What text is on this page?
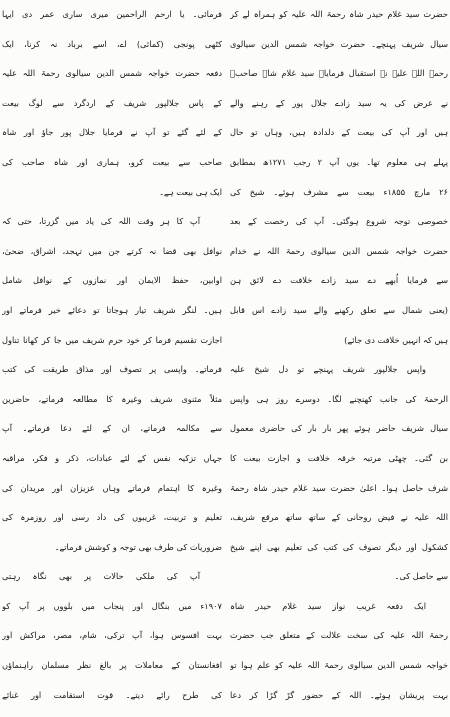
حضرت سید غلام حیدر شاہ رحمۃ اللہ علیہ کو ہمراہ لے کر
سیال شریف پہنچے۔ حضرت خواجہ شمس الدین سیالوی
رحمۃ اللہ علیہ نے استقبال فرمایا۔ سید غلام شاہ صاحبؒ
نے عرض کی یہ سید زادے جلال پور کے رہنے والے
ہیں اور آپ کی بیعت کے دلدادہ ہیں، وہاں تو حال
پہلے ہی معلوم تھا۔ یوں آپ ۲ رجب ۱۲۷۱ھ بمطابق
۲۶ مارچ ۱۸۵۵ء بیعت سے مشرف ہوئے۔ شیخ کی
خصوصی توجہ شروع ہوگئی۔ آپ کی رخصت کے بعد
حضرت خواجہ شمس الدین سیالوی رحمۃ اللہ نے خدام
سے فرمایا اُبھے دے سید زادے خلافت دے لائق ہن
(یعنی شمال سے تعلق رکھنے والے سید زادے اس قابل
ہیں کہ انہیں خلافت دی جائے)
واپس جلالپور شریف پہنچے تو دل شیخ علیہ
الرحمۃ کی جانب کھنچنے لگا۔ دوسرے روز ہی واپس
سیال شریف حاضر ہوئے پھر بار بار کی حاضری معمول
بن گئی۔ چھٹی مرتبہ خرقہ خلافت و اجازت بیعت کا
شرف حاصل ہوا۔ اعلیٰ حضرت سید غلام حیدر شاہ رحمۃ
اللہ علیہ نے فیض روحانی کے ساتھ ساتھ مرقع شریف،
کشکول اور دیگر تصوف کی کتب کی تعلیم بھی اپنے شیخ
سے حاصل کی۔
ایک دفعہ غریب نواز سید غلام حیدر شاہ
رحمۃ اللہ علیہ کی سخت علالت کے متعلق جب حضرت
خواجہ شمس الدین سیالوی رحمۃ اللہ علیہ کو علم ہوا تو
بہت پریشان ہوئے۔ اللہ کے حضور گڑ گڑا کر دعا
فرمائی۔ یا ارحم الراحمین میری ساری عمر دی ایہا
کٹھی پونجی (کمائی) اے، اسے برباد نہ کرنا، ایک
دفعہ حضرت خواجہ شمس الدین سیالوی رحمۃ اللہ علیہ
کے پاس جلالپور شریف کے اردگرد سے لوگ بیعت
کے لئے گئے تو آپ نے فرمایا جلال پور جاؤ اور شاہ
صاحب سے بیعت کرو، ہماری اور شاہ صاحب کی
ایک ہی بیعت ہے۔
آپ کا ہر وقت اللہ کی یاد میں گزرتا، حتی کہ
نوافل بھی قضا نہ کرتے جن میں تہجد، اشراق، ضحیٰ،
اوابین، حفظ الایمان اور نمازوں کے نوافل شامل
ہیں۔ لنگر شریف تیار ہوجاتا تو دعائے خیر فرماتے اور
اجازت تقسیم فرما کر خود حرم شریف میں جا کر کھانا تناول
فرماتے۔ واپسی پر تصوف اور مذاق طریقت کی کتب
مثلاً مثنوی شریف وغیرہ کا مطالعہ فرماتے، حاضرین
سے مکالمہ فرماتے، ان کے لئے دعا فرماتے۔ آپ
جہاں تزکیہ نفس کے لئے عبادات، ذکر و فکر، مراقبہ
وغیرہ کا اہتمام فرماتے وہاں عزیزان اور مریدان کی
تعلیم و تربیت، غریبوں کی داد رسی اور روزمرہ کی
ضروریات کی طرف بھی توجہ و کوشش فرماتے۔
آپ کی ملکی حالات پر بھی نگاہ رہتی
۱۹۰۷ء میں بنگال اور پنجاب میں بلووں پر آپ کو
بہت افسوس ہوا، آپ ترکی، شام، مصر، مراکش اور
افغانستان کے معاملات پر بالغ نظر مسلمان راہنماؤں
کی طرح رائے دیتے۔ قوت استقامت اور غنائے
